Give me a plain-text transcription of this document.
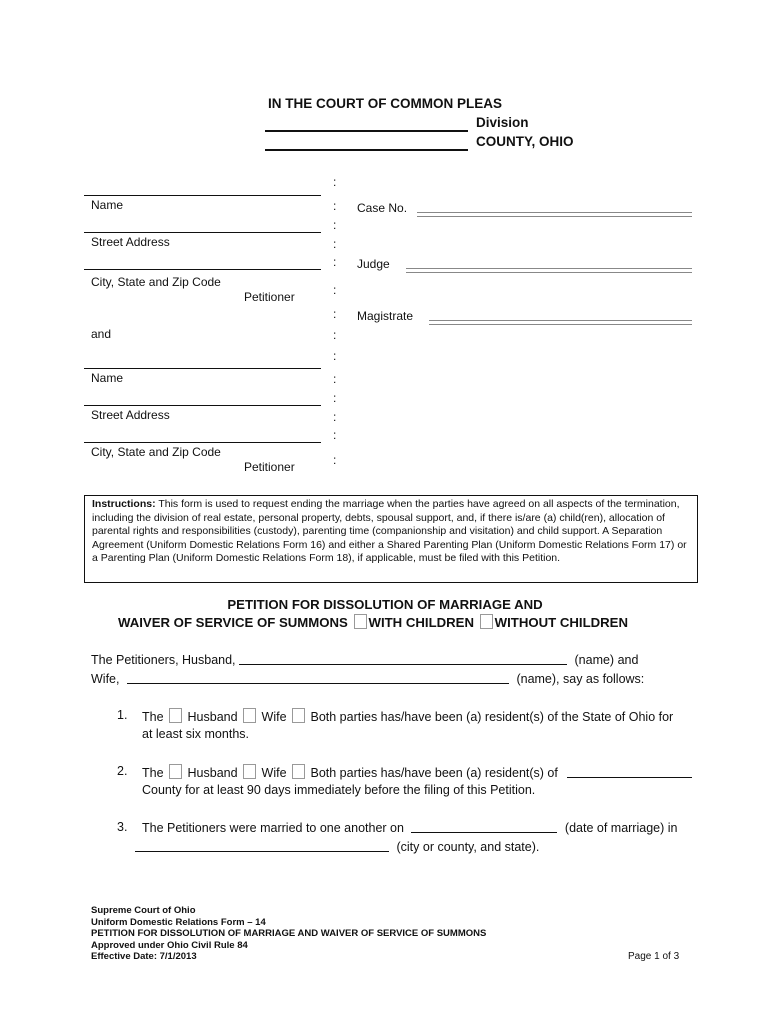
IN THE COURT OF COMMON PLEAS
Division
COUNTY, OHIO
Name
Street Address
City, State and Zip Code
Petitioner
and
Name
Street Address
City, State and Zip Code
Petitioner
:
:
:
:
:
:
:
:
:
:
:
:
:
:
Case No.
Judge
Magistrate
Instructions: This form is used to request ending the marriage when the parties have agreed on all aspects of the termination, including the division of real estate, personal property, debts, spousal support, and, if there is/are (a) child(ren), allocation of parental rights and responsibilities (custody), parenting time (companionship and visitation) and child support. A Separation Agreement (Uniform Domestic Relations Form 16) and either a Shared Parenting Plan (Uniform Domestic Relations Form 17) or a Parenting Plan (Uniform Domestic Relations Form 18), if applicable, must be filed with this Petition.
PETITION FOR DISSOLUTION OF MARRIAGE AND
WAIVER OF SERVICE OF SUMMONS WITH CHILDREN WITHOUT CHILDREN
The Petitioners, Husband,	(name) and
Wife,	(name), say as follows:
1. The Husband Wife Both parties has/have been (a) resident(s) of the State of Ohio for
at least six months.
2. The Husband Wife Both parties has/have been (a) resident(s) of
County for at least 90 days immediately before the filing of this Petition.
3. The Petitioners were married to one another on	(date of marriage) in
(city or county, and state).
Supreme Court of Ohio
Uniform Domestic Relations Form – 14
PETITION FOR DISSOLUTION OF MARRIAGE AND WAIVER OF SERVICE OF SUMMONS
Approved under Ohio Civil Rule 84
Effective Date: 7/1/2013	Page 1 of 3
